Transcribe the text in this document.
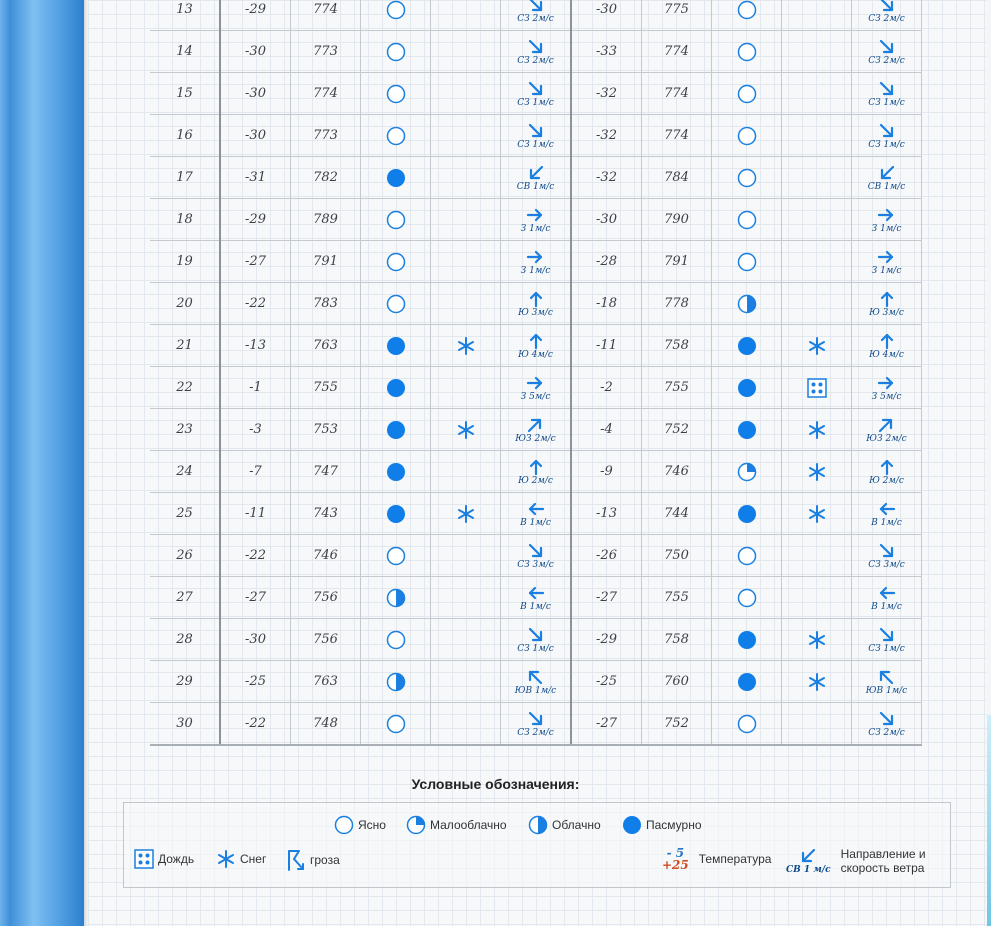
13	-29	774			СЗ 2м/с	-30	775			СЗ 2м/с

14	-30	773			СЗ 2м/с	-33	774			СЗ 2м/с

15	-30	774			СЗ 1м/с	-32	774			СЗ 1м/с

16	-30	773			СЗ 1м/с	-32	774			СЗ 1м/с

17	-31	782			СВ 1м/с	-32	784			СВ 1м/с

18	-29	789			З 1м/с	-30	790			З 1м/с

19	-27	791			З 1м/с	-28	791			З 1м/с

20	-22	783			Ю 3м/с	-18	778			Ю 3м/с

21	-13	763			Ю 4м/с	-11	758			Ю 4м/с

22	-1	755			З 5м/с	-2	755			З 5м/с

23	-3	753			ЮЗ 2м/с	-4	752			ЮЗ 2м/с

24	-7	747			Ю 2м/с	-9	746			Ю 2м/с

25	-11	743			В 1м/с	-13	744			В 1м/с

26	-22	746			СЗ 3м/с	-26	750			СЗ 3м/с

27	-27	756			В 1м/с	-27	755			В 1м/с

28	-30	756			СЗ 1м/с	-29	758			СЗ 1м/с

29	-25	763			ЮВ 1м/с	-25	760			ЮВ 1м/с

30	-22	748			СЗ 2м/с	-27	752			СЗ 2м/с
Условные обозначения:
Ясно	Малооблачно	Облачно	Пасмурно
Дождь	Снег	гроза	- 5
+25 Температура
СВ 1 м/с
Направление и
скорость ветра
